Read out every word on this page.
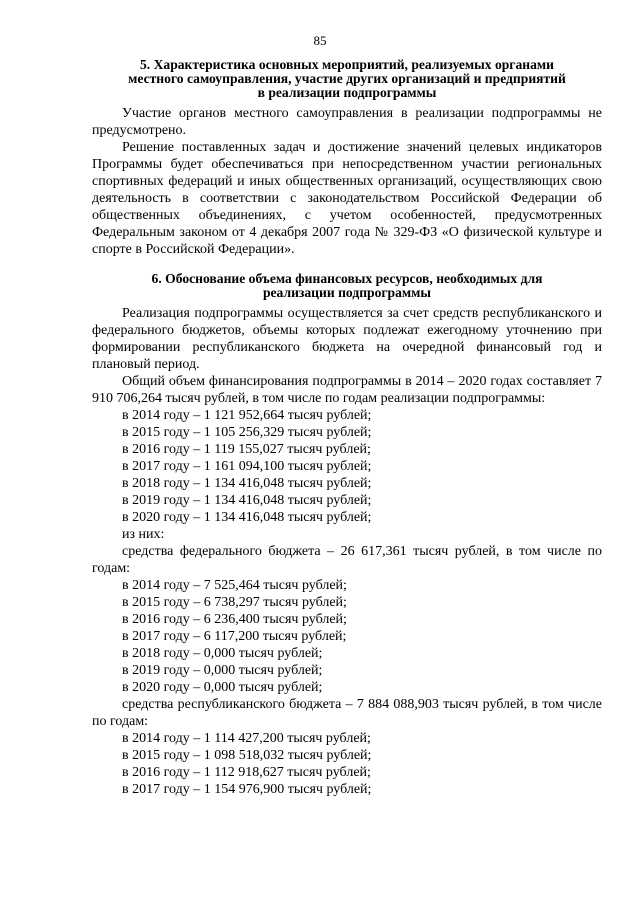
85
5. Характеристика основных мероприятий, реализуемых органами
местного самоуправления, участие других организаций и предприятий
в реализации подпрограммы

Участие органов местного самоуправления в реализации подпрограммы не предусмотрено.

Решение поставленных задач и достижение значений целевых индикаторов Программы будет обеспечиваться при непосредственном участии региональных спортивных федераций и иных общественных организаций, осуществляющих свою деятельность в соответствии с законодательством Российской Федерации об общественных объединениях, с учетом особенностей, предусмотренных Федеральным законом от 4 декабря 2007 года № 329-ФЗ «О физической культуре и спорте в Российской Федерации».

6. Обоснование объема финансовых ресурсов, необходимых для
реализации подпрограммы

Реализация подпрограммы осуществляется за счет средств республиканского и федерального бюджетов, объемы которых подлежат ежегодному уточнению при формировании республиканского бюджета на очередной финансовый год и плановый период.

Общий объем финансирования подпрограммы в 2014 – 2020 годах составляет 7 910 706,264 тысяч рублей, в том числе по годам реализации подпрограммы:

в 2014 году – 1 121 952,664 тысяч рублей;
в 2015 году – 1 105 256,329 тысяч рублей;
в 2016 году – 1 119 155,027 тысяч рублей;
в 2017 году – 1 161 094,100 тысяч рублей;
в 2018 году – 1 134 416,048 тысяч рублей;
в 2019 году – 1 134 416,048 тысяч рублей;
в 2020 году – 1 134 416,048 тысяч рублей;
из них:

средства федерального бюджета – 26 617,361 тысяч рублей, в том числе по годам:

в 2014 году – 7 525,464 тысяч рублей;
в 2015 году – 6 738,297 тысяч рублей;
в 2016 году – 6 236,400 тысяч рублей;
в 2017 году – 6 117,200 тысяч рублей;
в 2018 году – 0,000 тысяч рублей;
в 2019 году – 0,000 тысяч рублей;
в 2020 году – 0,000 тысяч рублей;

средства республиканского бюджета – 7 884 088,903 тысяч рублей, в том числе по годам:

в 2014 году – 1 114 427,200 тысяч рублей;
в 2015 году – 1 098 518,032 тысяч рублей;
в 2016 году – 1 112 918,627 тысяч рублей;
в 2017 году – 1 154 976,900 тысяч рублей;
